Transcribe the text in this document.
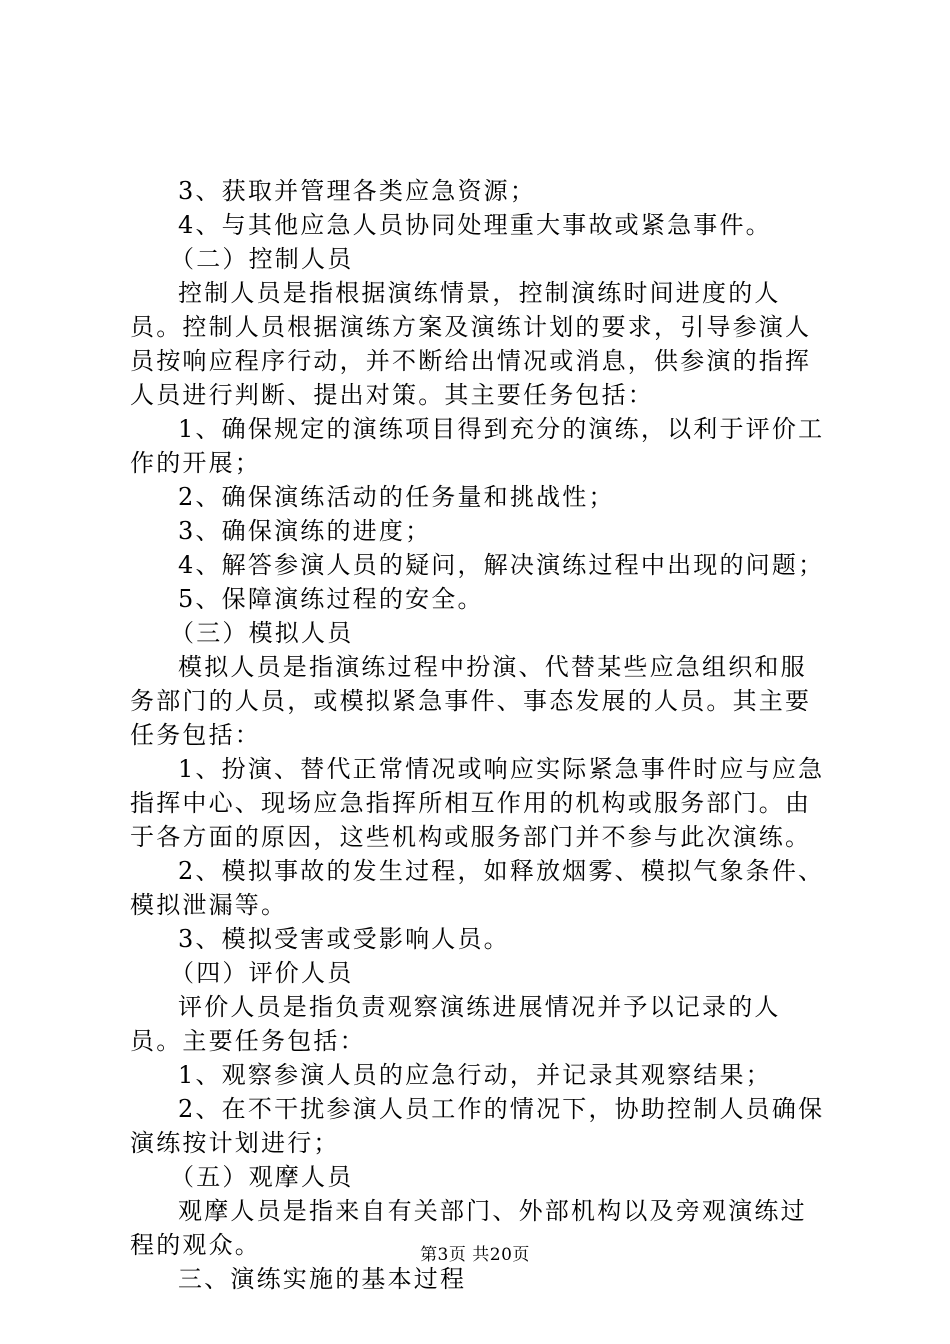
3、获取并管理各类应急资源；

4、与其他应急人员协同处理重大事故或紧急事件。

（二）控制人员

控制人员是指根据演练情景，控制演练时间进度的人员。控制人员根据演练方案及演练计划的要求，引导参演人员按响应程序行动，并不断给出情况或消息，供参演的指挥人员进行判断、提出对策。其主要任务包括：

1、确保规定的演练项目得到充分的演练，以利于评价工作的开展；

2、确保演练活动的任务量和挑战性；

3、确保演练的进度；

4、解答参演人员的疑问，解决演练过程中出现的问题；

5、保障演练过程的安全。

（三）模拟人员

模拟人员是指演练过程中扮演、代替某些应急组织和服务部门的人员，或模拟紧急事件、事态发展的人员。其主要任务包括：

1、扮演、替代正常情况或响应实际紧急事件时应与应急指挥中心、现场应急指挥所相互作用的机构或服务部门。由于各方面的原因，这些机构或服务部门并不参与此次演练。

2、模拟事故的发生过程，如释放烟雾、模拟气象条件、模拟泄漏等。

3、模拟受害或受影响人员。

（四）评价人员

评价人员是指负责观察演练进展情况并予以记录的人员。主要任务包括：

1、观察参演人员的应急行动，并记录其观察结果；

2、在不干扰参演人员工作的情况下，协助控制人员确保演练按计划进行；

（五）观摩人员

观摩人员是指来自有关部门、外部机构以及旁观演练过程的观众。

三、演练实施的基本过程

第3页 共20页
